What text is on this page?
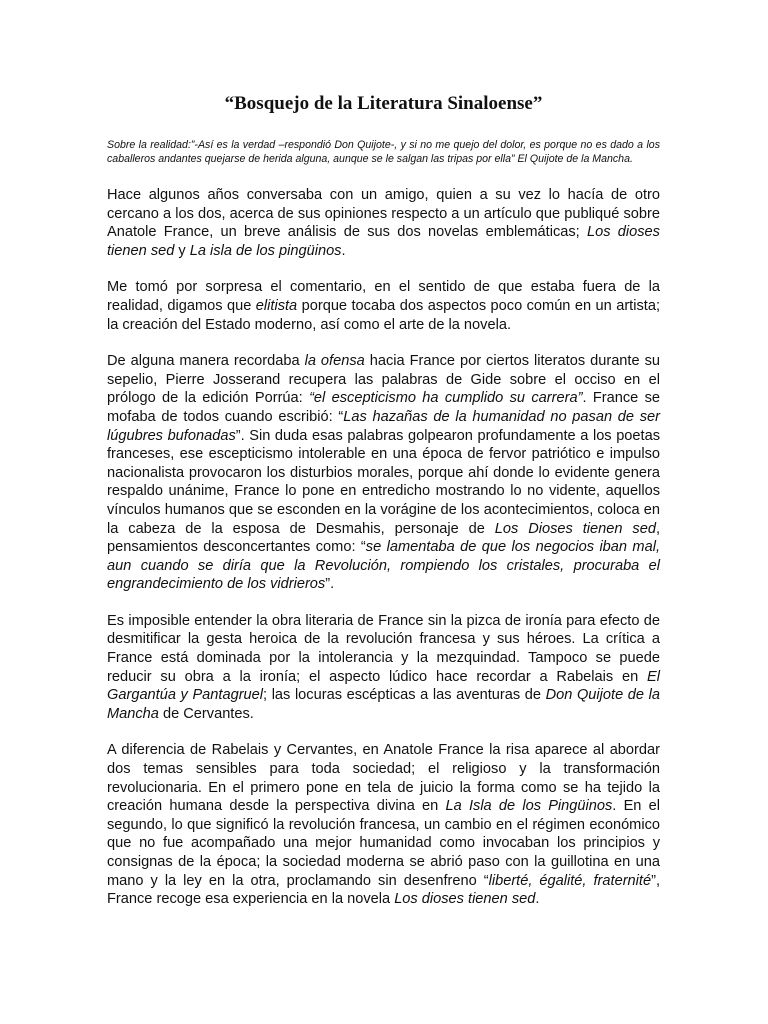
“Bosquejo de la Literatura Sinaloense”

Sobre la realidad:”-Así es la verdad –respondió Don Quijote-, y si no me quejo del dolor, es porque no es dado a los caballeros andantes quejarse de herida alguna, aunque se le salgan las tripas por ella” El Quijote de la Mancha.

Hace algunos años conversaba con un amigo, quien a su vez lo hacía de otro cercano a los dos, acerca de sus opiniones respecto a un artículo que publiqué sobre Anatole France, un breve análisis de sus dos novelas emblemáticas; Los dioses tienen sed y La isla de los pingüinos.

Me tomó por sorpresa el comentario, en el sentido de que estaba fuera de la realidad, digamos que elitista porque tocaba dos aspectos poco común en un artista; la creación del Estado moderno, así como el arte de la novela.

De alguna manera recordaba la ofensa hacia France por ciertos literatos durante su sepelio, Pierre Josserand recupera las palabras de Gide sobre el occiso en el prólogo de la edición Porrúa: “el escepticismo ha cumplido su carrera”. France se mofaba de todos cuando escribió: “Las hazañas de la humanidad no pasan de ser lúgubres bufonadas”. Sin duda esas palabras golpearon profundamente a los poetas franceses, ese escepticismo intolerable en una época de fervor patriótico e impulso nacionalista provocaron los disturbios morales, porque ahí donde lo evidente genera respaldo unánime, France lo pone en entredicho mostrando lo no vidente, aquellos vínculos humanos que se esconden en la vorágine de los acontecimientos, coloca en la cabeza de la esposa de Desmahis, personaje de Los Dioses tienen sed, pensamientos desconcertantes como: “se lamentaba de que los negocios iban mal, aun cuando se diría que la Revolución, rompiendo los cristales, procuraba el engrandecimiento de los vidrieros”.

Es imposible entender la obra literaria de France sin la pizca de ironía para efecto de desmitificar la gesta heroica de la revolución francesa y sus héroes. La crítica a France está dominada por la intolerancia y la mezquindad. Tampoco se puede reducir su obra a la ironía; el aspecto lúdico hace recordar a Rabelais en El Gargantúa y Pantagruel; las locuras escépticas a las aventuras de Don Quijote de la Mancha de Cervantes.

A diferencia de Rabelais y Cervantes, en Anatole France la risa aparece al abordar dos temas sensibles para toda sociedad; el religioso y la transformación revolucionaria. En el primero pone en tela de juicio la forma como se ha tejido la creación humana desde la perspectiva divina en La Isla de los Pingüinos. En el segundo, lo que significó la revolución francesa, un cambio en el régimen económico que no fue acompañado una mejor humanidad como invocaban los principios y consignas de la época; la sociedad moderna se abrió paso con la guillotina en una mano y la ley en la otra, proclamando sin desenfreno “liberté, égalité, fraternité”, France recoge esa experiencia en la novela Los dioses tienen sed.
